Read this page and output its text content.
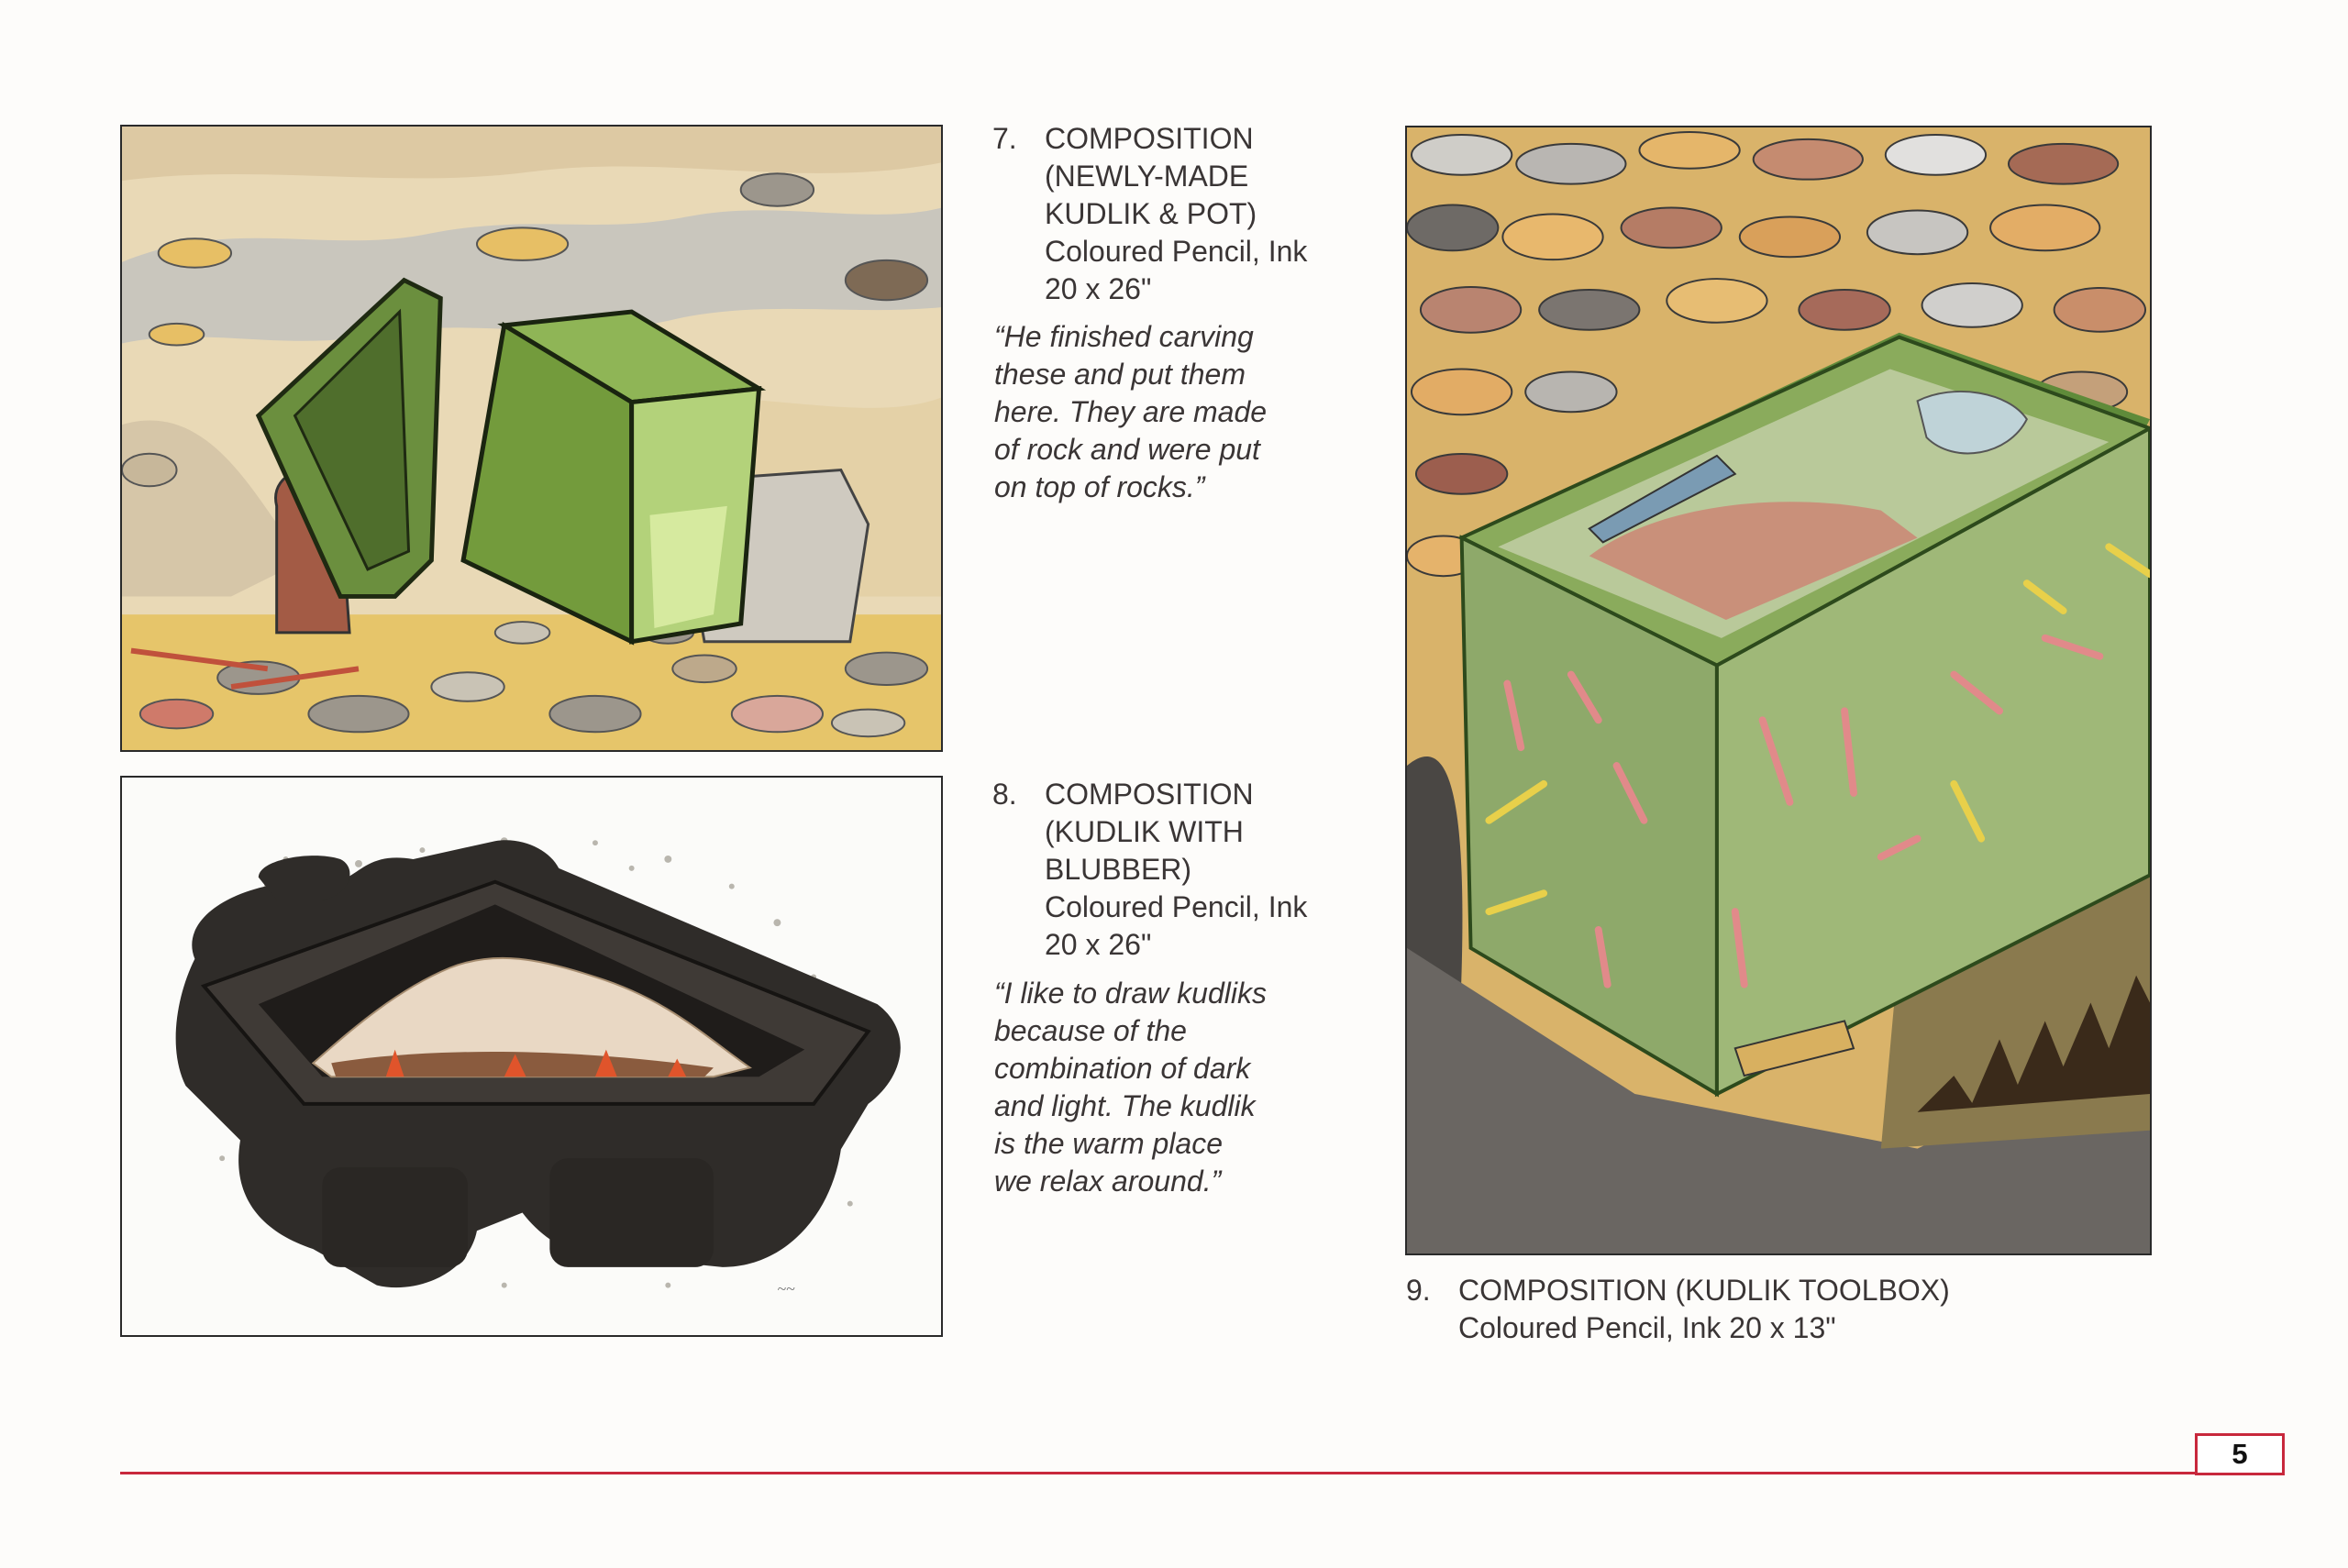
~~
7. COMPOSITION
(NEWLY-MADE
KUDLIK & POT)
Coloured Pencil, Ink
20 x 26"
“He finished carving
these and put them
here. They are made
of rock and were put
on top of rocks.”
8. COMPOSITION
(KUDLIK WITH
BLUBBER)
Coloured Pencil, Ink
20 x 26"
“I like to draw kudliks
because of the
combination of dark
and light. The kudlik
is the warm place
we relax around.”
9. COMPOSITION (KUDLIK TOOLBOX)
Coloured Pencil, Ink 20 x 13"
5
